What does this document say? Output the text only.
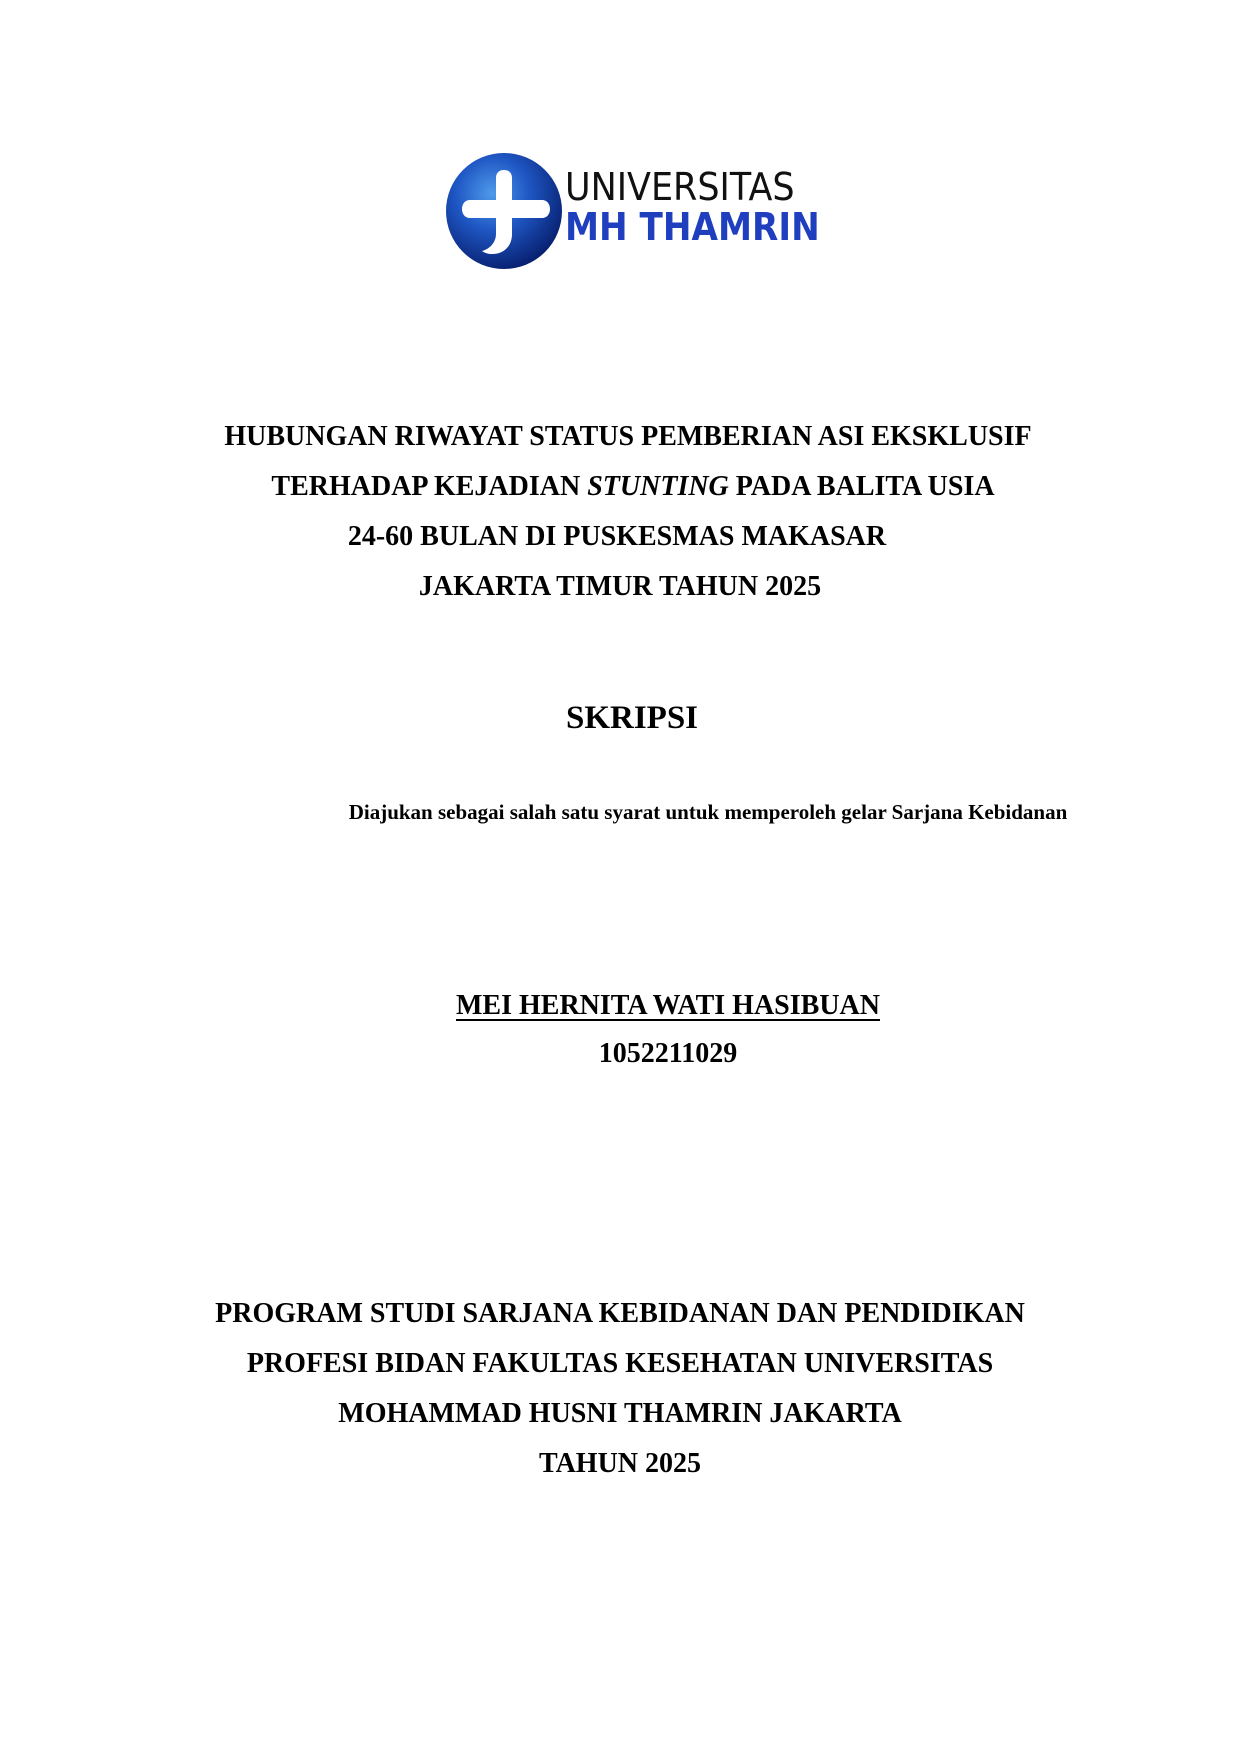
UNIVERSITAS
MH THAMRIN
HUBUNGAN RIWAYAT STATUS PEMBERIAN ASI EKSKLUSIF
TERHADAP KEJADIAN STUNTING PADA BALITA USIA
24-60 BULAN DI PUSKESMAS MAKASAR
JAKARTA TIMUR TAHUN 2025
SKRIPSI
Diajukan sebagai salah satu syarat untuk memperoleh gelar Sarjana Kebidanan
MEI HERNITA WATI HASIBUAN
1052211029
PROGRAM STUDI SARJANA KEBIDANAN DAN PENDIDIKAN
PROFESI BIDAN FAKULTAS KESEHATAN UNIVERSITAS
MOHAMMAD HUSNI THAMRIN JAKARTA
TAHUN 2025
